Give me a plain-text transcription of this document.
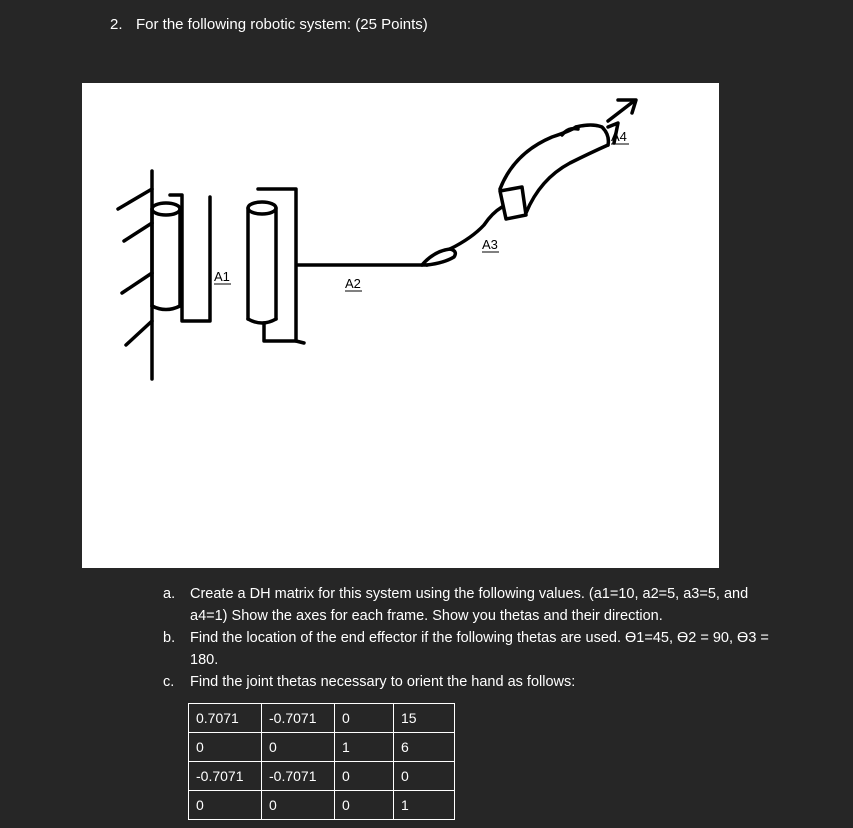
2. For the following robotic system: (25 Points)
A1	A2
A3
A4
a. Create a DH matrix for this system using the following values. (a1=10, a2=5, a3=5, and a4=1) Show the axes for each frame. Show you thetas and their direction.
b. Find the location of the end effector if the following thetas are used. ϴ1=45, ϴ2 = 90, ϴ3 = 180.
c. Find the joint thetas necessary to orient the hand as follows:
0.7071	-0.7071	0	15
0	0	1	6
-0.7071	-0.7071	0	0
0	0	0	1
